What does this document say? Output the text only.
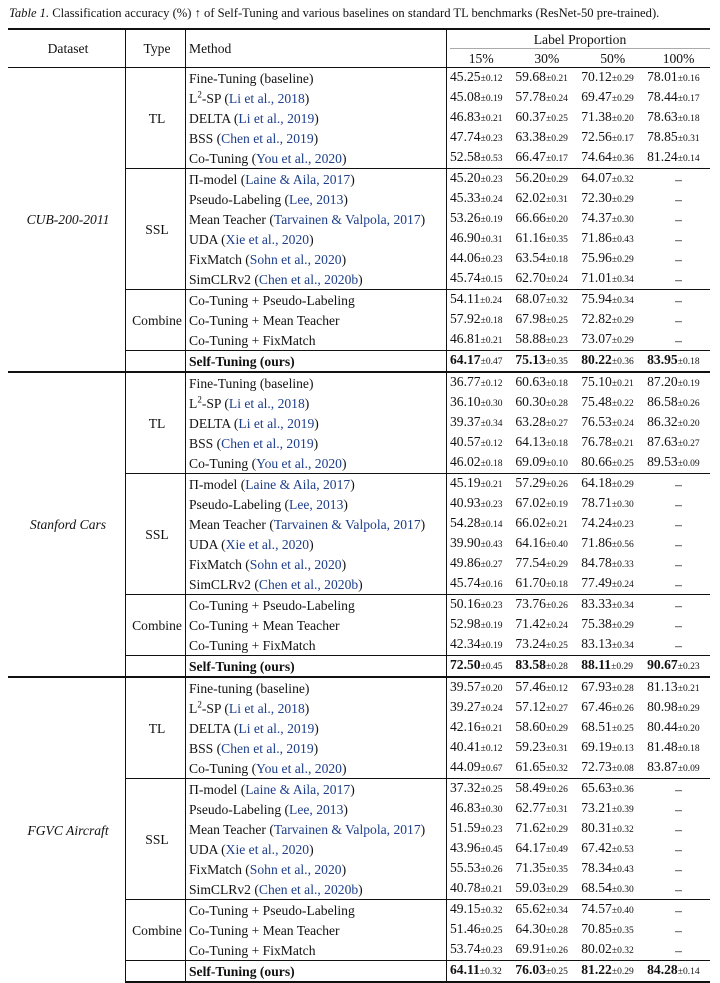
Table 1. Classification accuracy (%) ↑ of Self-Tuning and various baselines on standard TL benchmarks (ResNet-50 pre-trained).
Dataset	Type	Method	Label Proportion			
			15%	30%	50%	100%
CUB-200-2011	TL	Fine-Tuning (baseline)	45.25±0.12	59.68±0.21	70.12±0.29	78.01±0.16
		$L^2-SP$ (Li et al., 2018)	45.08±0.19	57.78±0.24	69.47±0.29	78.44±0.17
		DELTA (Li et al., 2019)	46.83±0.21	60.37±0.25	71.38±0.20	78.63±0.18
		BSS (Chen et al., 2019)	47.74±0.23	63.38±0.29	72.56±0.17	78.85±0.31
		Co-Tuning (You et al., 2020)	52.58±0.53	66.47±0.17	74.64±0.36	81.24±0.14
	SSL	Π-model (Laine & Aila, 2017)	45.20±0.23	56.20±0.29	64.07±0.32	–
		Pseudo-Labeling (Lee, 2013)	45.33±0.24	62.02±0.31	72.30±0.29	–
		Mean Teacher (Tarvainen & Valpola, 2017)	53.26±0.19	66.66±0.20	74.37±0.30	–
		UDA (Xie et al., 2020)	46.90±0.31	61.16±0.35	71.86±0.43	–
		FixMatch (Sohn et al., 2020)	44.06±0.23	63.54±0.18	75.96±0.29	–
		SimCLRv2 (Chen et al., 2020b)	45.74±0.15	62.70±0.24	71.01±0.34	–
	Combine	Co-Tuning + Pseudo-Labeling	54.11±0.24	68.07±0.32	75.94±0.34	–
		Co-Tuning + Mean Teacher	57.92±0.18	67.98±0.25	72.82±0.29	–
		Co-Tuning + FixMatch	46.81±0.21	58.88±0.23	73.07±0.29	–
		Self-Tuning (ours)	64.17±0.47	75.13±0.35	80.22±0.36	83.95±0.18
Stanford Cars	TL	Fine-Tuning (baseline)	36.77±0.12	60.63±0.18	75.10±0.21	87.20±0.19
		$L^2-SP$ (Li et al., 2018)	36.10±0.30	60.30±0.28	75.48±0.22	86.58±0.26
		DELTA (Li et al., 2019)	39.37±0.34	63.28±0.27	76.53±0.24	86.32±0.20
		BSS (Chen et al., 2019)	40.57±0.12	64.13±0.18	76.78±0.21	87.63±0.27
		Co-Tuning (You et al., 2020)	46.02±0.18	69.09±0.10	80.66±0.25	89.53±0.09
	SSL	Π-model (Laine & Aila, 2017)	45.19±0.21	57.29±0.26	64.18±0.29	–
		Pseudo-Labeling (Lee, 2013)	40.93±0.23	67.02±0.19	78.71±0.30	–
		Mean Teacher (Tarvainen & Valpola, 2017)	54.28±0.14	66.02±0.21	74.24±0.23	–
		UDA (Xie et al., 2020)	39.90±0.43	64.16±0.40	71.86±0.56	–
		FixMatch (Sohn et al., 2020)	49.86±0.27	77.54±0.29	84.78±0.33	–
		SimCLRv2 (Chen et al., 2020b)	45.74±0.16	61.70±0.18	77.49±0.24	–
	Combine	Co-Tuning + Pseudo-Labeling	50.16±0.23	73.76±0.26	83.33±0.34	–
		Co-Tuning + Mean Teacher	52.98±0.19	71.42±0.24	75.38±0.29	–
		Co-Tuning + FixMatch	42.34±0.19	73.24±0.25	83.13±0.34	–
		Self-Tuning (ours)	72.50±0.45	83.58±0.28	88.11±0.29	90.67±0.23
FGVC Aircraft	TL	Fine-tuning (baseline)	39.57±0.20	57.46±0.12	67.93±0.28	81.13±0.21
		$L^2-SP$ (Li et al., 2018)	39.27±0.24	57.12±0.27	67.46±0.26	80.98±0.29
		DELTA (Li et al., 2019)	42.16±0.21	58.60±0.29	68.51±0.25	80.44±0.20
		BSS (Chen et al., 2019)	40.41±0.12	59.23±0.31	69.19±0.13	81.48±0.18
		Co-Tuning (You et al., 2020)	44.09±0.67	61.65±0.32	72.73±0.08	83.87±0.09
	SSL	Π-model (Laine & Aila, 2017)	37.32±0.25	58.49±0.26	65.63±0.36	–
		Pseudo-Labeling (Lee, 2013)	46.83±0.30	62.77±0.31	73.21±0.39	–
		Mean Teacher (Tarvainen & Valpola, 2017)	51.59±0.23	71.62±0.29	80.31±0.32	–
		UDA (Xie et al., 2020)	43.96±0.45	64.17±0.49	67.42±0.53	–
		FixMatch (Sohn et al., 2020)	55.53±0.26	71.35±0.35	78.34±0.43	–
		SimCLRv2 (Chen et al., 2020b)	40.78±0.21	59.03±0.29	68.54±0.30	–
	Combine	Co-Tuning + Pseudo-Labeling	49.15±0.32	65.62±0.34	74.57±0.40	–
		Co-Tuning + Mean Teacher	51.46±0.25	64.30±0.28	70.85±0.35	–
		Co-Tuning + FixMatch	53.74±0.23	69.91±0.26	80.02±0.32	–
		Self-Tuning (ours)	64.11±0.32	76.03±0.25	81.22±0.29	84.28±0.14
